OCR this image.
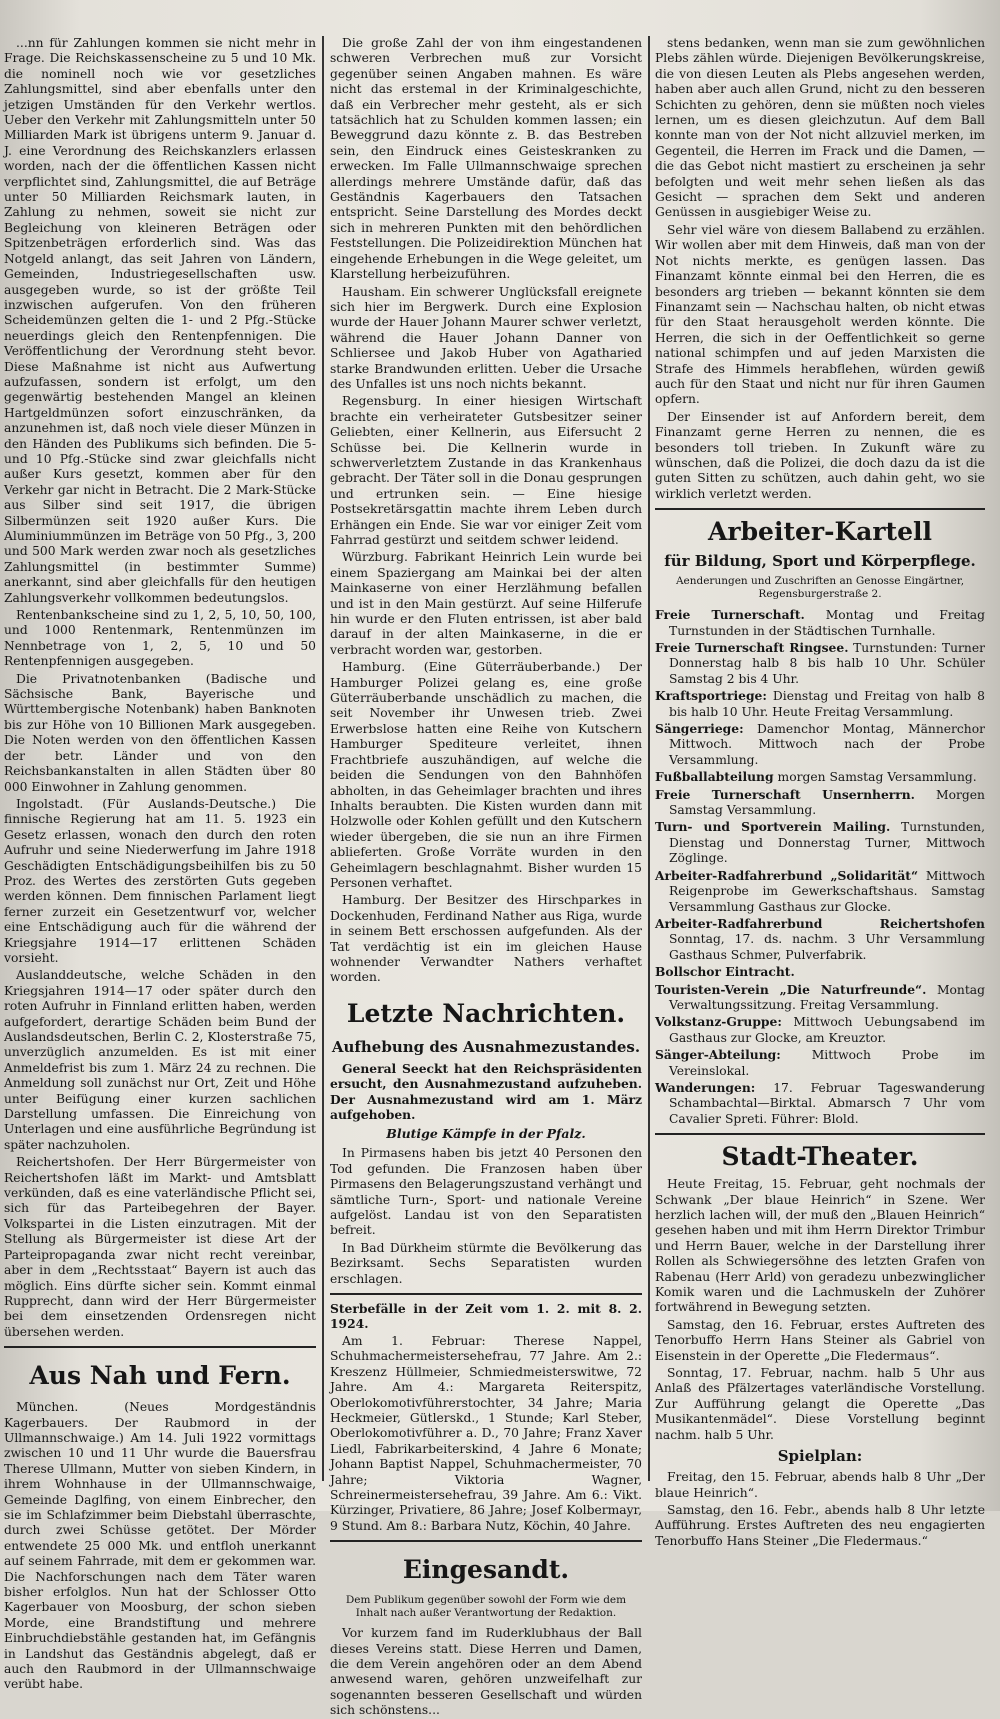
...nn für Zahlungen kommen sie nicht mehr in Frage. Die Reichskassenscheine zu 5 und 10 Mk. die nominell noch wie vor gesetzliches Zahlungsmittel, sind aber ebenfalls unter den jetzigen Umständen für den Verkehr wertlos. Ueber den Verkehr mit Zahlungsmitteln unter 50 Milliarden Mark ist übrigens unterm 9. Januar d. J. eine Verordnung des Reichskanzlers erlassen worden, nach der die öffentlichen Kassen nicht verpflichtet sind, Zahlungsmittel, die auf Beträge unter 50 Milliarden Reichsmark lauten, in Zahlung zu nehmen, soweit sie nicht zur Begleichung von kleineren Beträgen oder Spitzenbeträgen erforderlich sind. Was das Notgeld anlangt, das seit Jahren von Ländern, Gemeinden, Industriegesellschaften usw. ausgegeben wurde, so ist der größte Teil inzwischen aufgerufen. Von den früheren Scheidemünzen gelten die 1- und 2 Pfg.-Stücke neuerdings gleich den Rentenpfennigen. Die Veröffentlichung der Verordnung steht bevor. Diese Maßnahme ist nicht aus Aufwertung aufzufassen, sondern ist erfolgt, um den gegenwärtig bestehenden Mangel an kleinen Hartgeldmünzen sofort einzuschränken, da anzunehmen ist, daß noch viele dieser Münzen in den Händen des Publikums sich befinden. Die 5- und 10 Pfg.-Stücke sind zwar gleichfalls nicht außer Kurs gesetzt, kommen aber für den Verkehr gar nicht in Betracht. Die 2 Mark-Stücke aus Silber sind seit 1917, die übrigen Silbermünzen seit 1920 außer Kurs. Die Aluminiummünzen im Beträge von 50 Pfg., 3, 200 und 500 Mark werden zwar noch als gesetzliches Zahlungsmittel (in bestimmter Summe) anerkannt, sind aber gleichfalls für den heutigen Zahlungsverkehr vollkommen bedeutungslos.

Rentenbankscheine sind zu 1, 2, 5, 10, 50, 100, und 1000 Rentenmark, Rentenmünzen im Nennbetrage von 1, 2, 5, 10 und 50 Rentenpfennigen ausgegeben.

Die Privatnotenbanken (Badische und Sächsische Bank, Bayerische und Württembergische Notenbank) haben Banknoten bis zur Höhe von 10 Billionen Mark ausgegeben. Die Noten werden von den öffentlichen Kassen der betr. Länder und von den Reichsbankanstalten in allen Städten über 80 000 Einwohner in Zahlung genommen.

Ingolstadt. (Für Auslands-Deutsche.) Die finnische Regierung hat am 11. 5. 1923 ein Gesetz erlassen, wonach den durch den roten Aufruhr und seine Niederwerfung im Jahre 1918 Geschädigten Entschädigungsbeihilfen bis zu 50 Proz. des Wertes des zerstörten Guts gegeben werden können. Dem finnischen Parlament liegt ferner zurzeit ein Gesetzentwurf vor, welcher eine Entschädigung auch für die während der Kriegsjahre 1914—17 erlittenen Schäden vorsieht.

Auslanddeutsche, welche Schäden in den Kriegsjahren 1914—17 oder später durch den roten Aufruhr in Finnland erlitten haben, werden aufgefordert, derartige Schäden beim Bund der Auslandsdeutschen, Berlin C. 2, Klosterstraße 75, unverzüglich anzumelden. Es ist mit einer Anmeldefrist bis zum 1. März 24 zu rechnen. Die Anmeldung soll zunächst nur Ort, Zeit und Höhe unter Beifügung einer kurzen sachlichen Darstellung umfassen. Die Einreichung von Unterlagen und eine ausführliche Begründung ist später nachzuholen.

Reichertshofen. Der Herr Bürgermeister von Reichertshofen läßt im Markt- und Amtsblatt verkünden, daß es eine vaterländische Pflicht sei, sich für das Parteibegehren der Bayer. Volkspartei in die Listen einzutragen. Mit der Stellung als Bürgermeister ist diese Art der Parteipropaganda zwar nicht recht vereinbar, aber in dem „Rechtsstaat“ Bayern ist auch das möglich. Eins dürfte sicher sein. Kommt einmal Rupprecht, dann wird der Herr Bürgermeister bei dem einsetzenden Ordensregen nicht übersehen werden.

Aus Nah und Fern.

München. (Neues Mordgeständnis Kagerbauers. Der Raubmord in der Ullmannschwaige.) Am 14. Juli 1922 vormittags zwischen 10 und 11 Uhr wurde die Bauersfrau Therese Ullmann, Mutter von sieben Kindern, in ihrem Wohnhause in der Ullmannschwaige, Gemeinde Daglfing, von einem Einbrecher, den sie im Schlafzimmer beim Diebstahl überraschte, durch zwei Schüsse getötet. Der Mörder entwendete 25 000 Mk. und entfloh unerkannt auf seinem Fahrrade, mit dem er gekommen war. Die Nachforschungen nach dem Täter waren bisher erfolglos. Nun hat der Schlosser Otto Kagerbauer von Moosburg, der schon sieben Morde, eine Brandstiftung und mehrere Einbruchdiebstähle gestanden hat, im Gefängnis in Landshut das Geständnis abgelegt, daß er auch den Raubmord in der Ullmannschwaige verübt habe.

Die große Zahl der von ihm eingestandenen schweren Verbrechen muß zur Vorsicht gegenüber seinen Angaben mahnen. Es wäre nicht das erstemal in der Kriminalgeschichte, daß ein Verbrecher mehr gesteht, als er sich tatsächlich hat zu Schulden kommen lassen; ein Beweggrund dazu könnte z. B. das Bestreben sein, den Eindruck eines Geisteskranken zu erwecken. Im Falle Ullmannschwaige sprechen allerdings mehrere Umstände dafür, daß das Geständnis Kagerbauers den Tatsachen entspricht. Seine Darstellung des Mordes deckt sich in mehreren Punkten mit den behördlichen Feststellungen. Die Polizeidirektion München hat eingehende Erhebungen in die Wege geleitet, um Klarstellung herbeizuführen.

Hausham. Ein schwerer Unglücksfall ereignete sich hier im Bergwerk. Durch eine Explosion wurde der Hauer Johann Maurer schwer verletzt, während die Hauer Johann Danner von Schliersee und Jakob Huber von Agatharied starke Brandwunden erlitten. Ueber die Ursache des Unfalles ist uns noch nichts bekannt.

Regensburg. In einer hiesigen Wirtschaft brachte ein verheirateter Gutsbesitzer seiner Geliebten, einer Kellnerin, aus Eifersucht 2 Schüsse bei. Die Kellnerin wurde in schwerverletztem Zustande in das Krankenhaus gebracht. Der Täter soll in die Donau gesprungen und ertrunken sein. — Eine hiesige Postsekretärsgattin machte ihrem Leben durch Erhängen ein Ende. Sie war vor einiger Zeit vom Fahrrad gestürzt und seitdem schwer leidend.

Würzburg. Fabrikant Heinrich Lein wurde bei einem Spaziergang am Mainkai bei der alten Mainkaserne von einer Herzlähmung befallen und ist in den Main gestürzt. Auf seine Hilferufe hin wurde er den Fluten entrissen, ist aber bald darauf in der alten Mainkaserne, in die er verbracht worden war, gestorben.

Hamburg. (Eine Güterräuberbande.) Der Hamburger Polizei gelang es, eine große Güterräuberbande unschädlich zu machen, die seit November ihr Unwesen trieb. Zwei Erwerbslose hatten eine Reihe von Kutschern Hamburger Spediteure verleitet, ihnen Frachtbriefe auszuhändigen, auf welche die beiden die Sendungen von den Bahnhöfen abholten, in das Geheimlager brachten und ihres Inhalts beraubten. Die Kisten wurden dann mit Holzwolle oder Kohlen gefüllt und den Kutschern wieder übergeben, die sie nun an ihre Firmen ablieferten. Große Vorräte wurden in den Geheimlagern beschlagnahmt. Bisher wurden 15 Personen verhaftet.

Hamburg. Der Besitzer des Hirschparkes in Dockenhuden, Ferdinand Nather aus Riga, wurde in seinem Bett erschossen aufgefunden. Als der Tat verdächtig ist ein im gleichen Hause wohnender Verwandter Nathers verhaftet worden.

Letzte Nachrichten.
Aufhebung des Ausnahmezustandes.

General Seeckt hat den Reichspräsidenten ersucht, den Ausnahmezustand aufzuheben. Der Ausnahmezustand wird am 1. März aufgehoben.

Blutige Kämpfe in der Pfalz.

In Pirmasens haben bis jetzt 40 Personen den Tod gefunden. Die Franzosen haben über Pirmasens den Belagerungszustand verhängt und sämtliche Turn-, Sport- und nationale Vereine aufgelöst. Landau ist von den Separatisten befreit.

In Bad Dürkheim stürmte die Bevölkerung das Bezirksamt. Sechs Separatisten wurden erschlagen.

Sterbefälle in der Zeit vom 1. 2. mit 8. 2. 1924.

Am 1. Februar: Therese Nappel, Schuhmachermeistersehefrau, 77 Jahre. Am 2.: Kreszenz Hüllmeier, Schmiedmeisterswitwe, 72 Jahre. Am 4.: Margareta Reiterspitz, Oberlokomotivführerstochter, 34 Jahre; Maria Heckmeier, Gütlerskd., 1 Stunde; Karl Steber, Oberlokomotivführer a. D., 70 Jahre; Franz Xaver Liedl, Fabrikarbeiterskind, 4 Jahre 6 Monate; Johann Baptist Nappel, Schuhmachermeister, 70 Jahre; Viktoria Wagner, Schreinermeistersehefrau, 39 Jahre. Am 6.: Vikt. Kürzinger, Privatiere, 86 Jahre; Josef Kolbermayr, 9 Stund. Am 8.: Barbara Nutz, Köchin, 40 Jahre.

Eingesandt.
Dem Publikum gegenüber sowohl der Form wie dem Inhalt nach außer Verantwortung der Redaktion.

Vor kurzem fand im Ruderklubhaus der Ball dieses Vereins statt. Diese Herren und Damen, die dem Verein angehören oder an dem Abend anwesend waren, gehören unzweifelhaft zur sogenannten besseren Gesellschaft und würden sich schönstens...

stens bedanken, wenn man sie zum gewöhnlichen Plebs zählen würde. Diejenigen Bevölkerungskreise, die von diesen Leuten als Plebs angesehen werden, haben aber auch allen Grund, nicht zu den besseren Schichten zu gehören, denn sie müßten noch vieles lernen, um es diesen gleichzutun. Auf dem Ball konnte man von der Not nicht allzuviel merken, im Gegenteil, die Herren im Frack und die Damen, — die das Gebot nicht mastiert zu erscheinen ja sehr befolgten und weit mehr sehen ließen als das Gesicht — sprachen dem Sekt und anderen Genüssen in ausgiebiger Weise zu.

Sehr viel wäre von diesem Ballabend zu erzählen. Wir wollen aber mit dem Hinweis, daß man von der Not nichts merkte, es genügen lassen. Das Finanzamt könnte einmal bei den Herren, die es besonders arg trieben — bekannt könnten sie dem Finanzamt sein — Nachschau halten, ob nicht etwas für den Staat herausgeholt werden könnte. Die Herren, die sich in der Oeffentlichkeit so gerne national schimpfen und auf jeden Marxisten die Strafe des Himmels herabflehen, würden gewiß auch für den Staat und nicht nur für ihren Gaumen opfern.

Der Einsender ist auf Anfordern bereit, dem Finanzamt gerne Herren zu nennen, die es besonders toll trieben. In Zukunft wäre zu wünschen, daß die Polizei, die doch dazu da ist die guten Sitten zu schützen, auch dahin geht, wo sie wirklich verletzt werden.

Arbeiter-Kartell
für Bildung, Sport und Körperpflege.
Aenderungen und Zuschriften an Genosse Eingärtner, Regensburgerstraße 2.

Freie Turnerschaft. Montag und Freitag Turnstunden in der Städtischen Turnhalle.

Freie Turnerschaft Ringsee. Turnstunden: Turner Donnerstag halb 8 bis halb 10 Uhr. Schüler Samstag 2 bis 4 Uhr.

Kraftsportriege: Dienstag und Freitag von halb 8 bis halb 10 Uhr. Heute Freitag Versammlung.

Sängerriege: Damenchor Montag, Männerchor Mittwoch. Mittwoch nach der Probe Versammlung.

Fußballabteilung morgen Samstag Versammlung.

Freie Turnerschaft Unsernherrn. Morgen Samstag Versammlung.

Turn- und Sportverein Mailing. Turnstunden, Dienstag und Donnerstag Turner, Mittwoch Zöglinge.

Arbeiter-Radfahrerbund „Solidarität“ Mittwoch Reigenprobe im Gewerkschaftshaus. Samstag Versammlung Gasthaus zur Glocke.

Arbeiter-Radfahrerbund Reichertshofen Sonntag, 17. ds. nachm. 3 Uhr Versammlung Gasthaus Schmer, Pulverfabrik.

Bollschor Eintracht.

Touristen-Verein „Die Naturfreunde“. Montag Verwaltungssitzung. Freitag Versammlung.

Volkstanz-Gruppe: Mittwoch Uebungsabend im Gasthaus zur Glocke, am Kreuztor.

Sänger-Abteilung:	Mittwoch Probe im Vereinslokal.

Wanderungen: 17. Februar Tageswanderung Schambachtal—Birktal. Abmarsch 7 Uhr vom Cavalier Spreti. Führer: Blold.

Stadt-Theater.

Heute Freitag, 15. Februar, geht nochmals der Schwank „Der blaue Heinrich“ in Szene. Wer herzlich lachen will, der muß den „Blauen Heinrich“ gesehen haben und mit ihm Herrn Direktor Trimbur und Herrn Bauer, welche in der Darstellung ihrer Rollen als Schwiegersöhne des letzten Grafen von Rabenau (Herr Arld) von geradezu unbezwinglicher Komik waren und die Lachmuskeln der Zuhörer fortwährend in Bewegung setzten.

Samstag, den 16. Februar, erstes Auftreten des Tenorbuffo Herrn Hans Steiner als Gabriel von Eisenstein in der Operette „Die Fledermaus“.

Sonntag, 17. Februar, nachm. halb 5 Uhr aus Anlaß des Pfälzertages vaterländische Vorstellung. Zur Aufführung gelangt die Operette „Das Musikantenmädel“. Diese Vorstellung beginnt nachm. halb 5 Uhr.

Spielplan:

Freitag, den 15. Februar, abends halb 8 Uhr „Der blaue Heinrich“.

Samstag, den 16. Febr., abends halb 8 Uhr letzte Aufführung. Erstes Auftreten des neu engagierten Tenorbuffo Hans Steiner „Die Fledermaus.“
